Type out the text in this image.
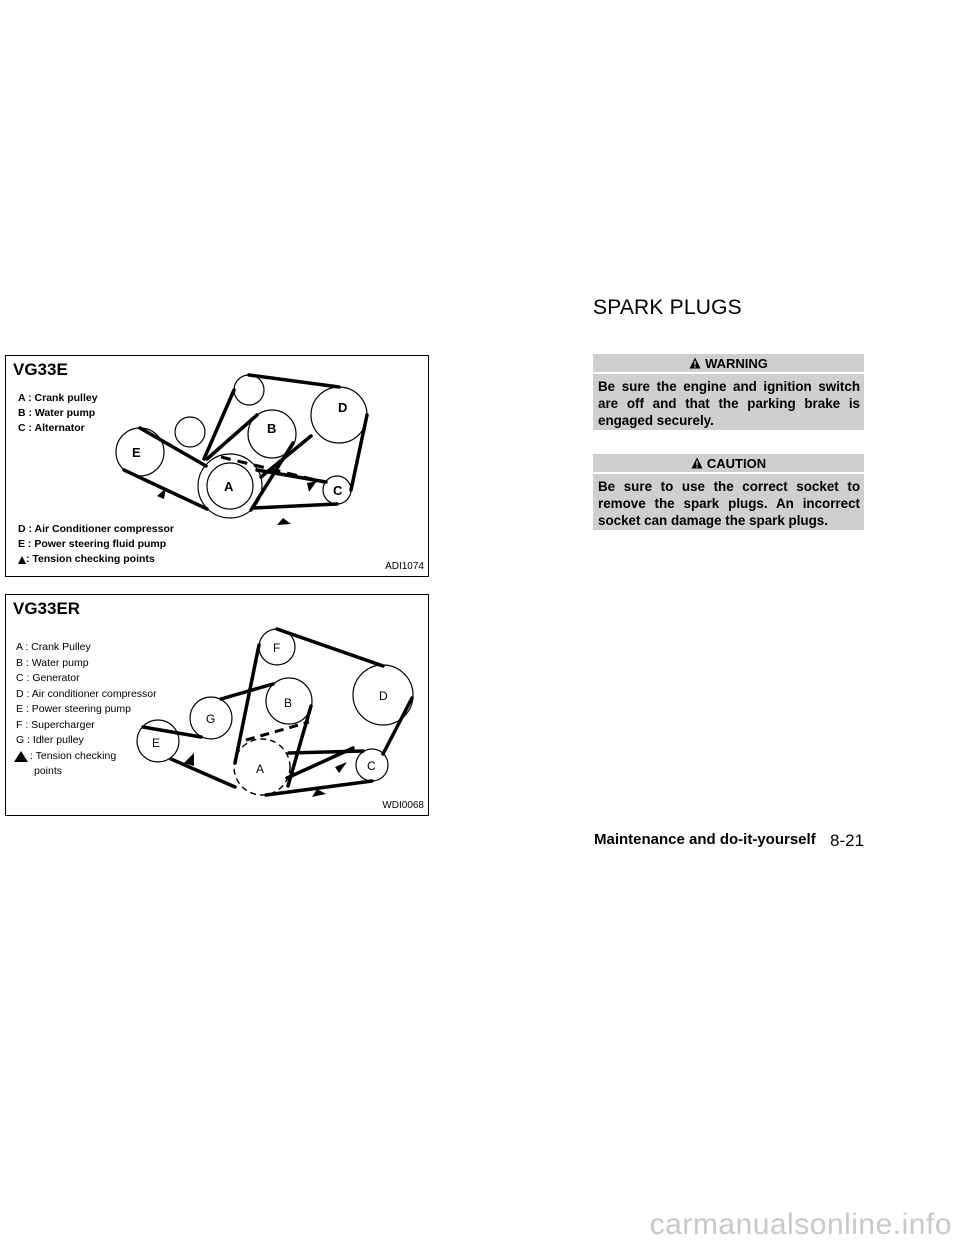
VG33E
A : Crank pulley
B : Water pump
C : Alternator
D : Air Conditioner compressor
E : Power steering fluid pump
: Tension checking points
A
B
C
D
E
ADI1074
VG33ER
A : Crank Pulley
B : Water pump
C : Generator
D : Air conditioner compressor
E : Power steering pump
F : Supercharger
G : Idler pulley
: Tension checking
points	A
B
C
D
E
F
G
WDI0068
SPARK PLUGS
WARNING
Be sure the engine and ignition switch are off and that the parking brake is engaged securely.
CAUTION
Be sure to use the correct socket to remove the spark plugs. An incorrect socket can damage the spark plugs.
Maintenance and do-it-yourself 8-21
carmanualsonline.info
